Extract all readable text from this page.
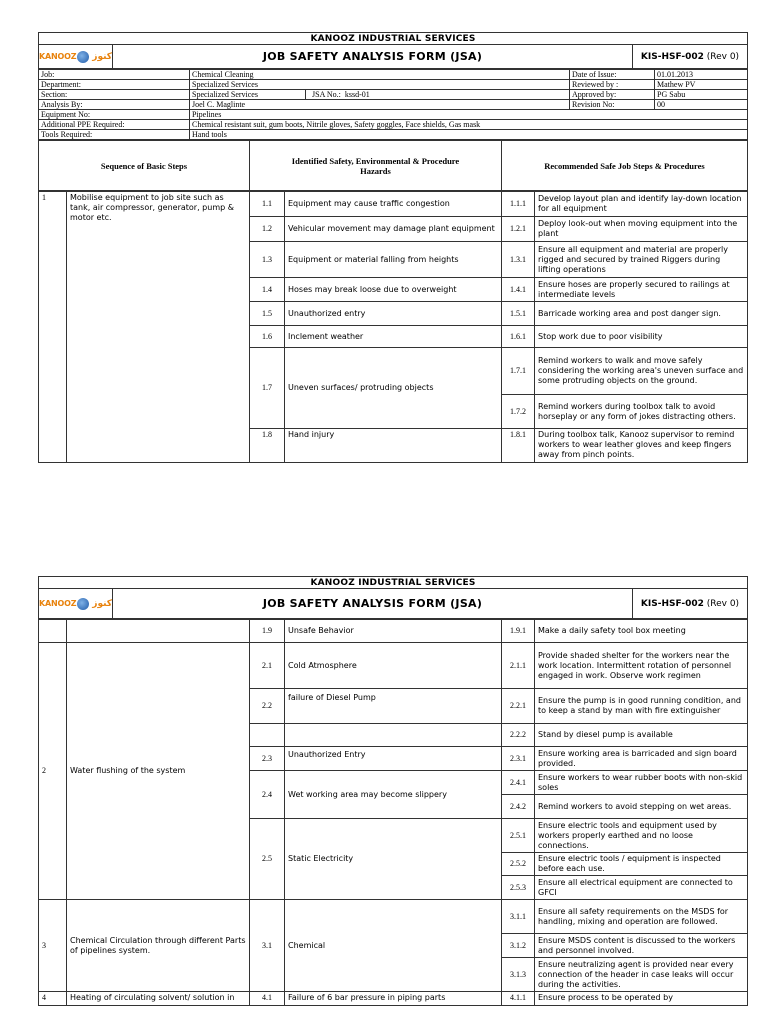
KANOOZ INDUSTRIAL SERVICES

KANOOZ كنوز	JOB SAFETY ANALYSIS FORM (JSA)	KIS-HSF-002 (Rev 0)
Job:	Chemical Cleaning		Date of Issue:	01.01.2013
Department:	Specialized Services		Reviewed by :	Mathew PV
Section:	Specialized Services	JSA No.: kssd-01	Approved by:	PG Sabu
Analysis By:	Joel C. Maglinte		Revision No:	00
Equipment No:	Pipelines			
Additional PPE Required:	Chemical resistant suit, gum boots, Nitrile gloves, Safety goggles, Face shields, Gas mask			
Tools Required:	Hand tools			
Sequence of Basic Steps	Identified Safety, Environmental & Procedure Hazards	Recommended Safe Job Steps & Procedures
1	Mobilise equipment to job site such as tank, air compressor, generator, pump & motor etc.	1.1	Equipment may cause traffic congestion	1.1.1	Develop layout plan and identify lay-down location for all equipment
		1.2	Vehicular movement may damage plant equipment	1.2.1	Deploy look-out when moving equipment into the plant
		1.3	Equipment or material falling from heights	1.3.1	Ensure all equipment and material are properly rigged and secured by trained Riggers during lifting operations
		1.4	Hoses may break loose due to overweight	1.4.1	Ensure hoses are properly secured to railings at intermediate levels
		1.5	Unauthorized entry	1.5.1	Barricade working area and post danger sign.
		1.6	Inclement weather	1.6.1	Stop work due to poor visibility
		1.7	Uneven surfaces/ protruding objects	1.7.1	Remind workers to walk and move safely considering the working area's uneven surface and some protruding objects on the ground.
				1.7.2	Remind workers during toolbox talk to avoid horseplay or any form of jokes distracting others.
		1.8	Hand injury	1.8.1	During toolbox talk, Kanooz supervisor to remind workers to wear leather gloves and keep fingers away from pinch points.
KANOOZ INDUSTRIAL SERVICES

KANOOZ كنوز	JOB SAFETY ANALYSIS FORM (JSA)	KIS-HSF-002 (Rev 0)
		1.9	Unsafe Behavior	1.9.1	Make a daily safety tool box meeting
2	Water flushing of the system	2.1	Cold Atmosphere	2.1.1	Provide shaded shelter for the workers near the work location. Intermittent rotation of personnel engaged in work. Observe work regimen
		2.2	failure of Diesel Pump	2.2.1	Ensure the pump is in good running condition, and to keep a stand by man with fire extinguisher
				2.2.2	Stand by diesel pump is available
		2.3	Unauthorized Entry	2.3.1	Ensure working area is barricaded and sign board provided.
		2.4	Wet working area may become slippery	2.4.1	Ensure workers to wear rubber boots with non-skid soles
				2.4.2	Remind workers to avoid stepping on wet areas.
		2.5	Static Electricity	2.5.1	Ensure electric tools and equipment used by workers properly earthed and no loose connections.
				2.5.2	Ensure electric tools / equipment is inspected before each use.
				2.5.3	Ensure all electrical equipment are connected to GFCI
3	Chemical Circulation through different Parts of pipelines system.	3.1	Chemical	3.1.1	Ensure all safety requirements on the MSDS for handling, mixing and operation are followed.
				3.1.2	Ensure MSDS content is discussed to the workers and personnel involved.
				3.1.3	Ensure neutralizing agent is provided near every connection of the header in case leaks will occur during the activities.
4	Heating of circulating solvent/ solution in	4.1	Failure of 6 bar pressure in piping parts	4.1.1	Ensure process to be operated by
